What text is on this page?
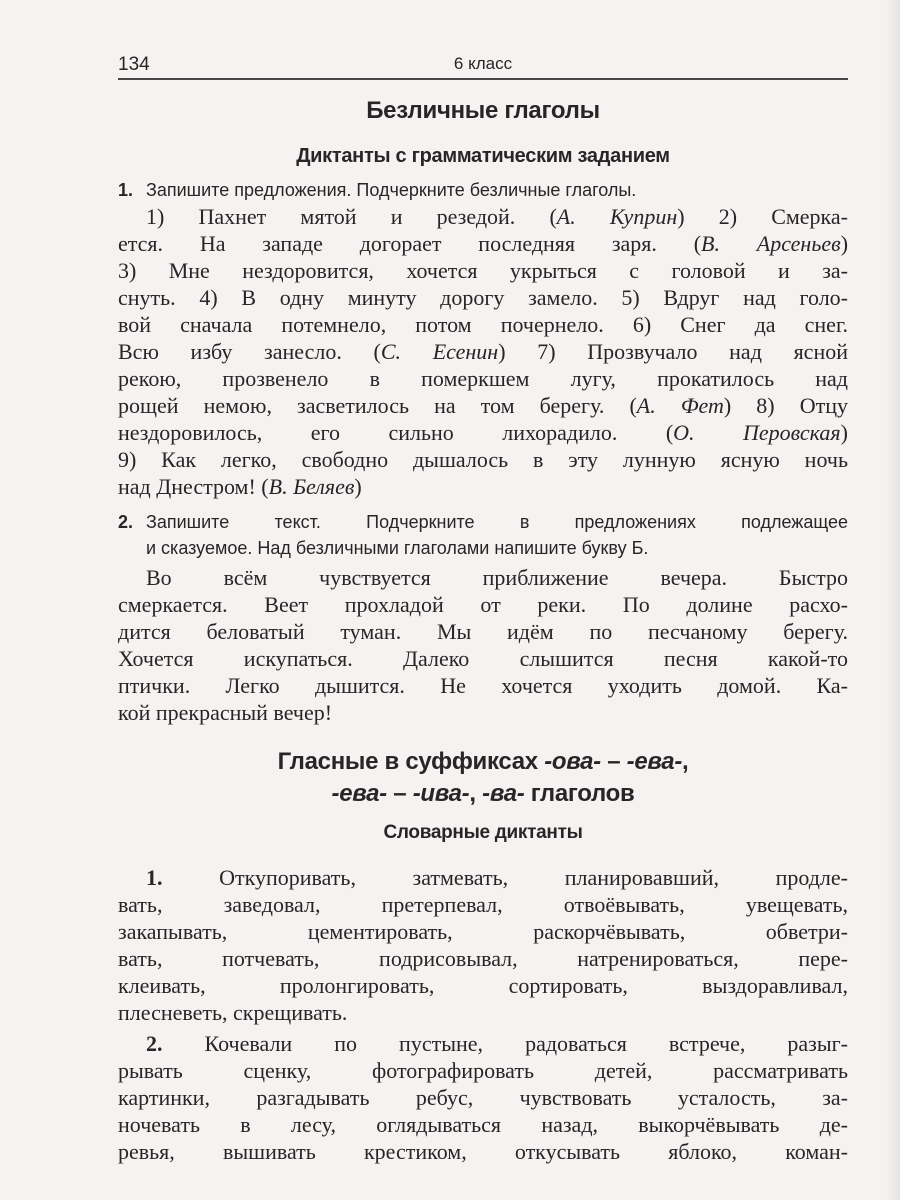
134	6 класс
Безличные глаголы
Диктанты с грамматическим заданием
1. Запишите предложения. Подчеркните безличные глаголы.
1) Пахнет мятой и резедой. (А. Куприн) 2) Смерка-
ется. На западе догорает последняя заря. (В. Арсеньев)
3) Мне нездоровится, хочется укрыться с головой и за-
снуть. 4) В одну минуту дорогу замело. 5) Вдруг над голо-
вой сначала потемнело, потом почернело. 6) Снег да снег.
Всю избу занесло. (С. Есенин) 7) Прозвучало над ясной
рекою, прозвенело в померкшем лугу, прокатилось над
рощей немою, засветилось на том берегу. (А. Фет) 8) Отцу
нездоровилось, его сильно лихорадило. (О. Перовская)
9) Как легко, свободно дышалось в эту лунную ясную ночь
над Днестром! (В. Беляев)
2. Запишите текст. Подчеркните в предложениях подлежащее
и сказуемое. Над безличными глаголами напишите букву Б.
Во всём чувствуется приближение вечера. Быстро
смеркается. Веет прохладой от реки. По долине расхо-
дится беловатый туман. Мы идём по песчаному берегу.
Хочется искупаться. Далеко слышится песня какой-то
птички. Легко дышится. Не хочется уходить домой. Ка-
кой прекрасный вечер!
Гласные в суффиксах -ова- – -ева-,
-ева- – -ива-, -ва- глаголов
Словарные диктанты
1. Откупоривать, затмевать, планировавший, продле-
вать, заведовал, претерпевал, отвоёвывать, увещевать,
закапывать, цементировать, раскорчёвывать, обветри-
вать, потчевать, подрисовывал, натренироваться, пере-
клеивать, пролонгировать, сортировать, выздоравливал,
плесневеть, скрещивать.
2. Кочевали по пустыне, радоваться встрече, разыг-
рывать сценку, фотографировать детей, рассматривать
картинки, разгадывать ребус, чувствовать усталость, за-
ночевать в лесу, оглядываться назад, выкорчёвывать де-
ревья, вышивать крестиком, откусывать яблоко, коман-
